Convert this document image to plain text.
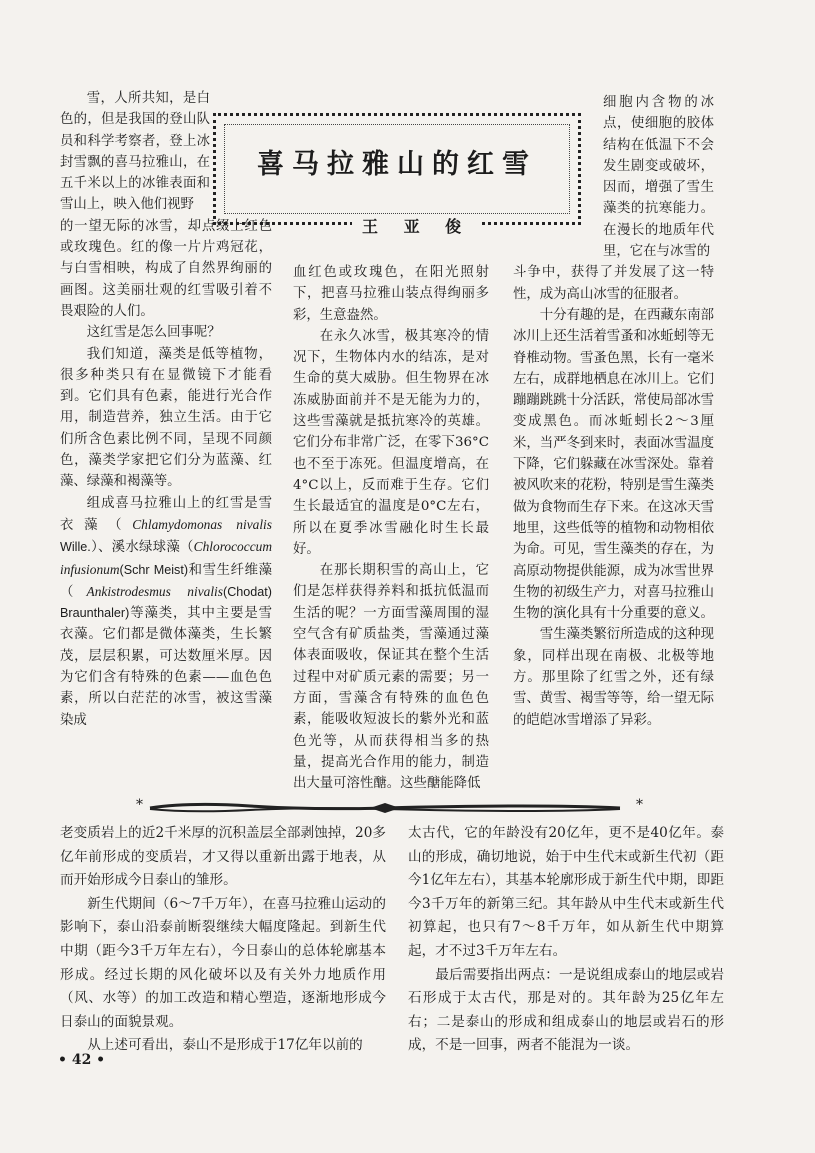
喜马拉雅山的红雪
王 亚 俊

雪，人所共知，是白色的，但是我国的登山队员和科学考察者，登上冰封雪飘的喜马拉雅山，在五千米以上的冰锥表面和雪山上，映入他们视野

的一望无际的冰雪，却点缀上红色或玫瑰色。红的像一片片鸡冠花，与白雪相映，构成了自然界绚丽的画图。这美丽壮观的红雪吸引着不畏艰险的人们。

这红雪是怎么回事呢？

我们知道，藻类是低等植物，很多种类只有在显微镜下才能看到。它们具有色素，能进行光合作用，制造营养，独立生活。由于它们所含色素比例不同，呈现不同颜色，藻类学家把它们分为蓝藻、红藻、绿藻和褐藻等。

组成喜马拉雅山上的红雪是雪衣藻（Chlamydomonas nivalis Wille.）、溪水绿球藻（Chlorococcum infusionum(Schr Meist)和雪生纤维藻（Ankistrodesmus nivalis(Chodat) Braunthaler)等藻类，其中主要是雪衣藻。它们都是微体藻类，生长繁茂，层层积累，可达数厘米厚。因为它们含有特殊的色素——血色色素，所以白茫茫的冰雪，被这雪藻染成

血红色或玫瑰色，在阳光照射下，把喜马拉雅山装点得绚丽多彩，生意盎然。

在永久冰雪，极其寒冷的情况下，生物体内水的结冻，是对生命的莫大威胁。但生物界在冰冻威胁面前并不是无能为力的，这些雪藻就是抵抗寒冷的英雄。它们分布非常广泛，在零下36°C也不至于冻死。但温度增高，在4°C以上，反而难于生存。它们生长最适宜的温度是0°C左右，所以在夏季冰雪融化时生长最好。

在那长期积雪的高山上，它们是怎样获得养料和抵抗低温而生活的呢？一方面雪藻周围的湿空气含有矿质盐类，雪藻通过藻体表面吸收，保证其在整个生活过程中对矿质元素的需要；另一方面，雪藻含有特殊的血色色素，能吸收短波长的紫外光和蓝色光等，从而获得相当多的热量，提高光合作用的能力，制造出大量可溶性醣。这些醣能降低

细胞内含物的冰点，使细胞的胶体结构在低温下不会发生剧变或破坏，因而，增强了雪生藻类的抗寒能力。在漫长的地质年代里，它在与冰雪的

斗争中，获得了并发展了这一特性，成为高山冰雪的征服者。

十分有趣的是，在西藏东南部冰川上还生活着雪蚤和冰蚯蚓等无脊椎动物。雪蚤色黑，长有一毫米左右，成群地栖息在冰川上。它们蹦蹦跳跳十分活跃，常使局部冰雪变成黑色。而冰蚯蚓长2～3厘米，当严冬到来时，表面冰雪温度下降，它们躲藏在冰雪深处。靠着被风吹来的花粉，特别是雪生藻类做为食物而生存下来。在这冰天雪地里，这些低等的植物和动物相依为命。可见，雪生藻类的存在，为高原动物提供能源，成为冰雪世界生物的初级生产力，对喜马拉雅山生物的演化具有十分重要的意义。

雪生藻类繁衍所造成的这种现象，同样出现在南极、北极等地方。那里除了红雪之外，还有绿雪、黄雪、褐雪等等，给一望无际的皑皑冰雪增添了异彩。

*	*

老变质岩上的近2千米厚的沉积盖层全部剥蚀掉，20多亿年前形成的变质岩，才又得以重新出露于地表，从而开始形成今日泰山的雏形。

新生代期间（6～7千万年），在喜马拉雅山运动的影响下，泰山沿泰前断裂继续大幅度隆起。到新生代中期（距今3千万年左右），今日泰山的总体轮廓基本形成。经过长期的风化破坏以及有关外力地质作用（风、水等）的加工改造和精心塑造，逐渐地形成今日泰山的面貌景观。

从上述可看出，泰山不是形成于17亿年以前的

太古代，它的年龄没有20亿年，更不是40亿年。泰山的形成，确切地说，始于中生代末或新生代初（距今1亿年左右），其基本轮廓形成于新生代中期，即距今3千万年的新第三纪。其年龄从中生代末或新生代初算起，也只有7～8千万年，如从新生代中期算起，才不过3千万年左右。

最后需要指出两点：一是说组成泰山的地层或岩石形成于太古代，那是对的。其年龄为25亿年左右；二是泰山的形成和组成泰山的地层或岩石的形成，不是一回事，两者不能混为一谈。

• 42 •
